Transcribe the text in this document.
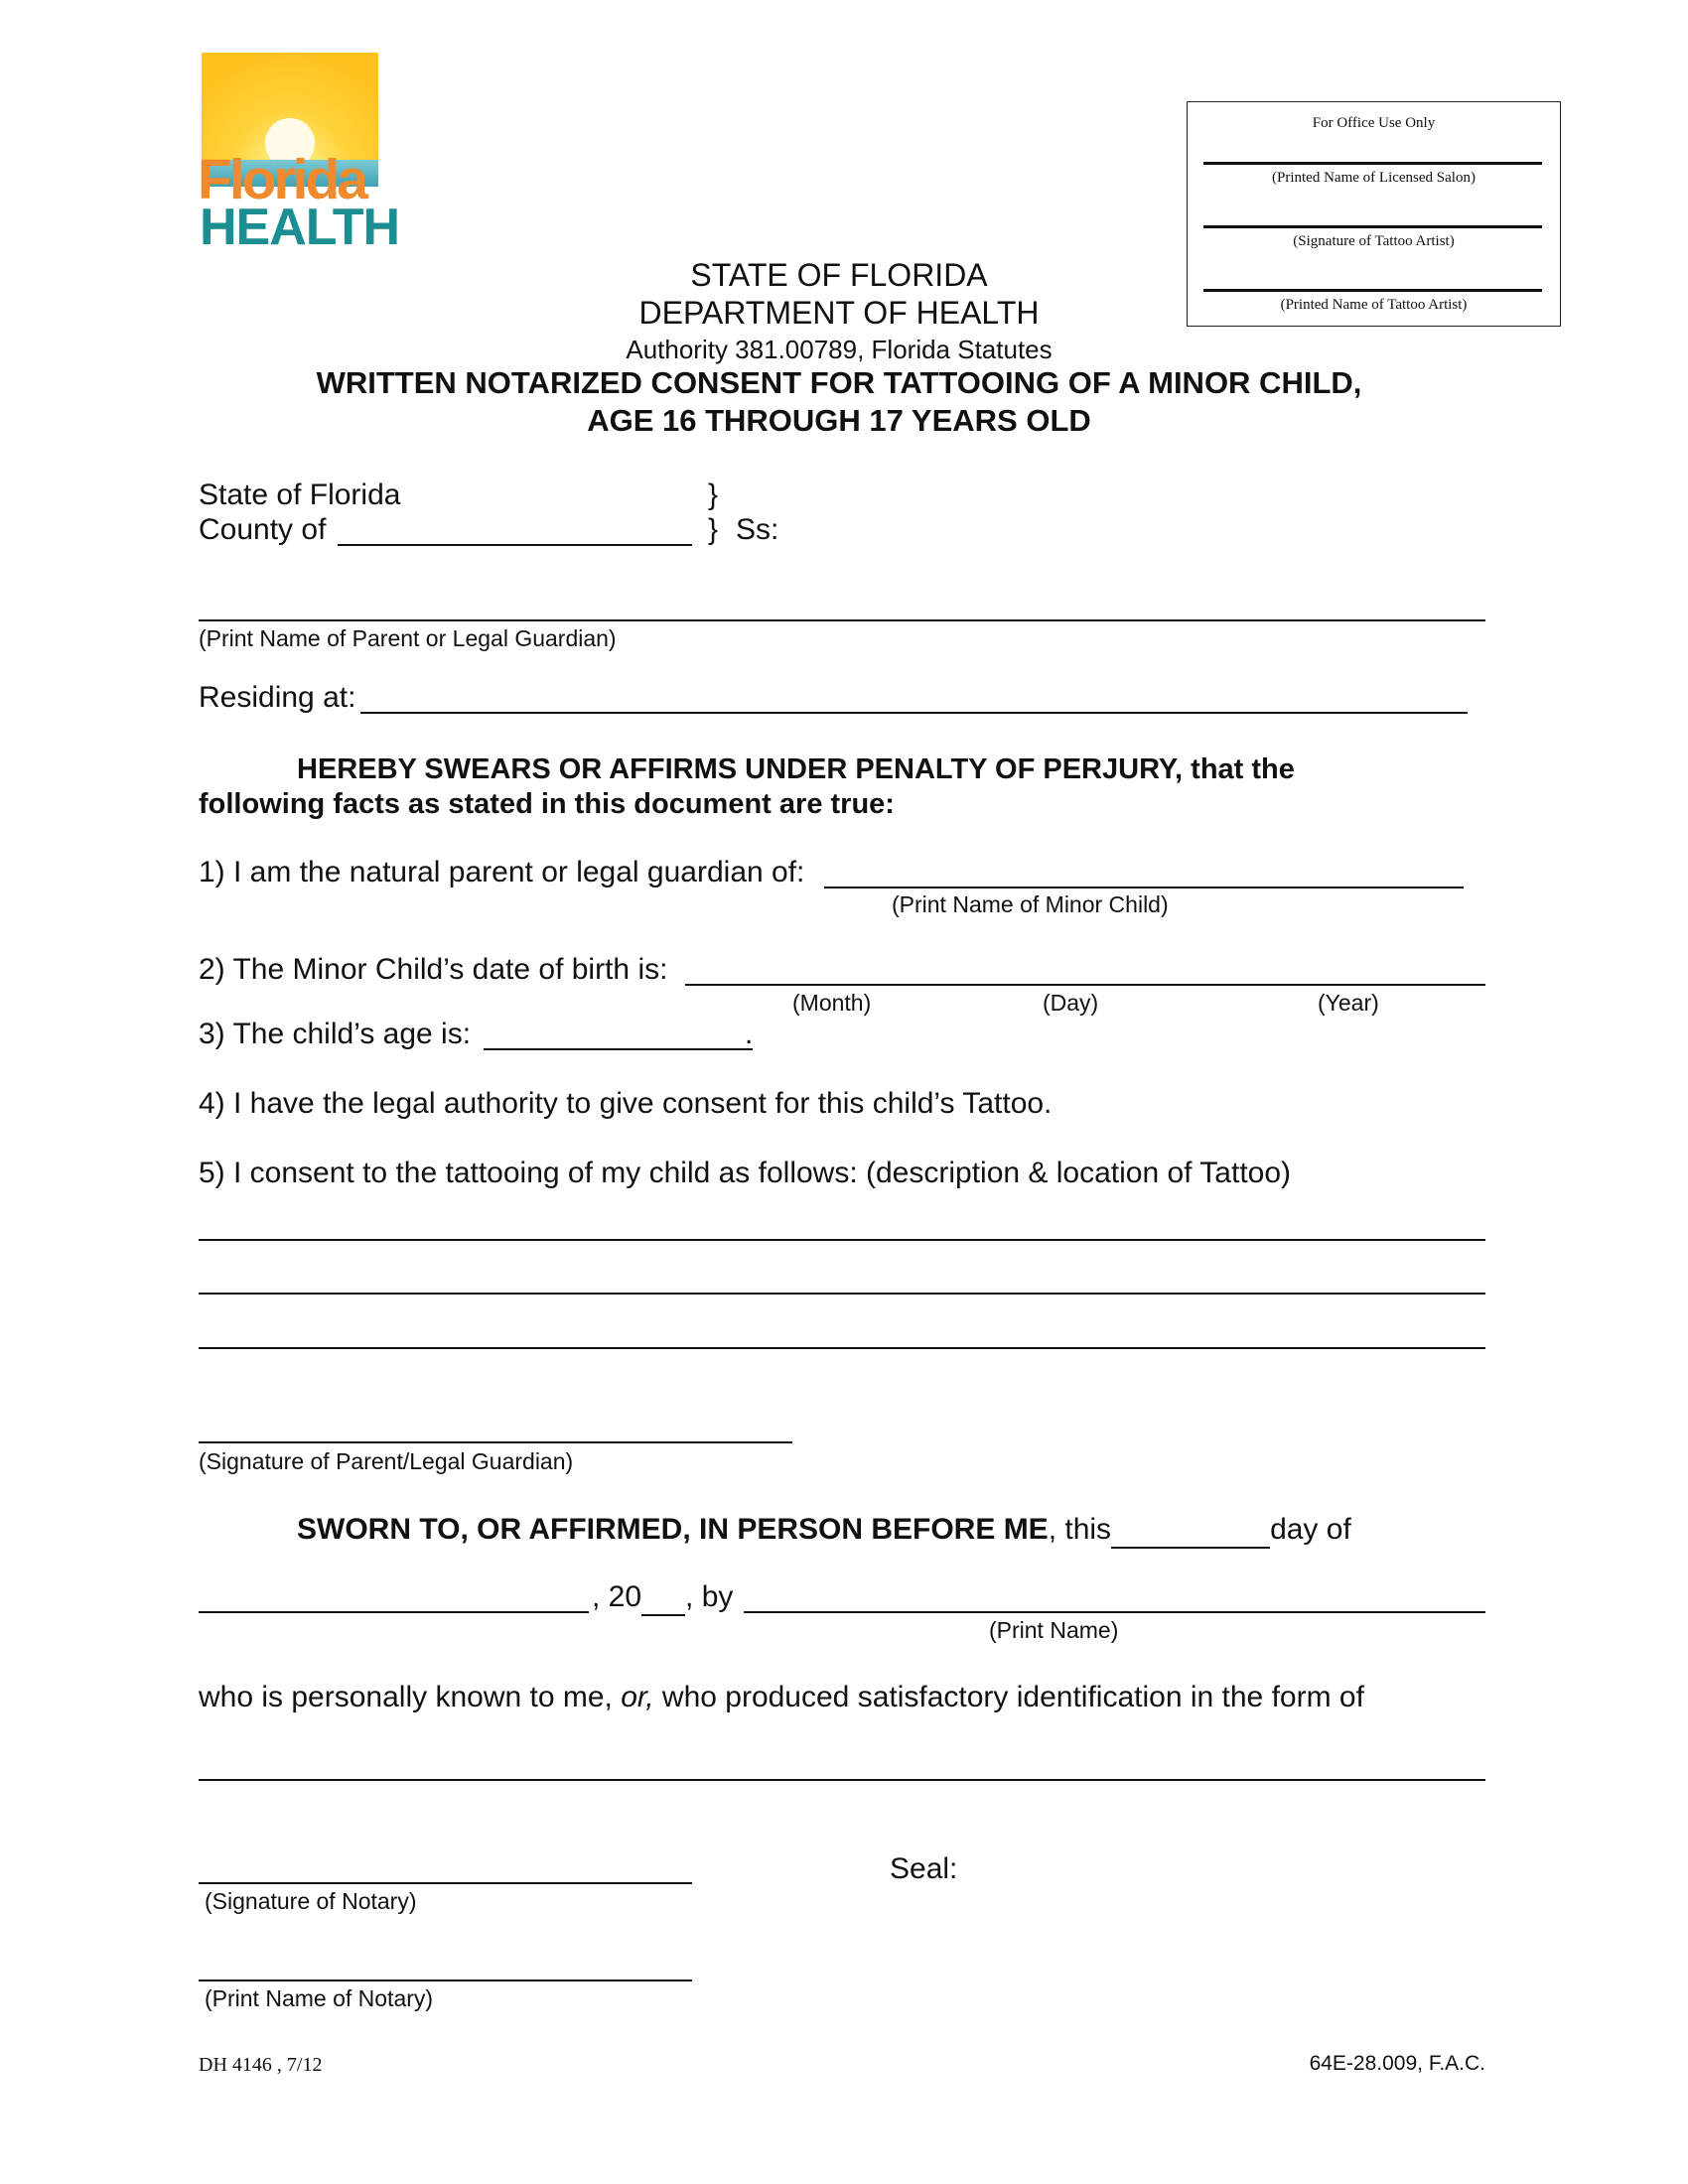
Florida
HEALTH
For Office Use Only
(Printed Name of Licensed Salon)
(Signature of Tattoo Artist)
(Printed Name of Tattoo Artist)
STATE OF FLORIDA
DEPARTMENT OF HEALTH
Authority 381.00789, Florida Statutes
WRITTEN NOTARIZED CONSENT FOR TATTOOING OF A MINOR CHILD,
AGE 16 THROUGH 17 YEARS OLD
State of Florida	}
County of	} Ss:
(Print Name of Parent or Legal Guardian)
Residing at:
HEREBY SWEARS OR AFFIRMS UNDER PENALTY OF PERJURY, that the
following facts as stated in this document are true:
1) I am the natural parent or legal guardian of:
(Print Name of Minor Child)
2) The Minor Child’s date of birth is:
(Month)	(Day)	(Year)
3) The child’s age is:	.
4) I have the legal authority to give consent for this child’s Tattoo.
5) I consent to the tattooing of my child as follows: (description & location of Tattoo)
(Signature of Parent/Legal Guardian)
SWORN TO, OR AFFIRMED, IN PERSON BEFORE ME, this	day of
, 20 , by
(Print Name)
who is personally known to me, or, who produced satisfactory identification in the form of
Seal:
(Signature of Notary)
(Print Name of Notary)
DH 4146 , 7/12	64E-28.009, F.A.C.
